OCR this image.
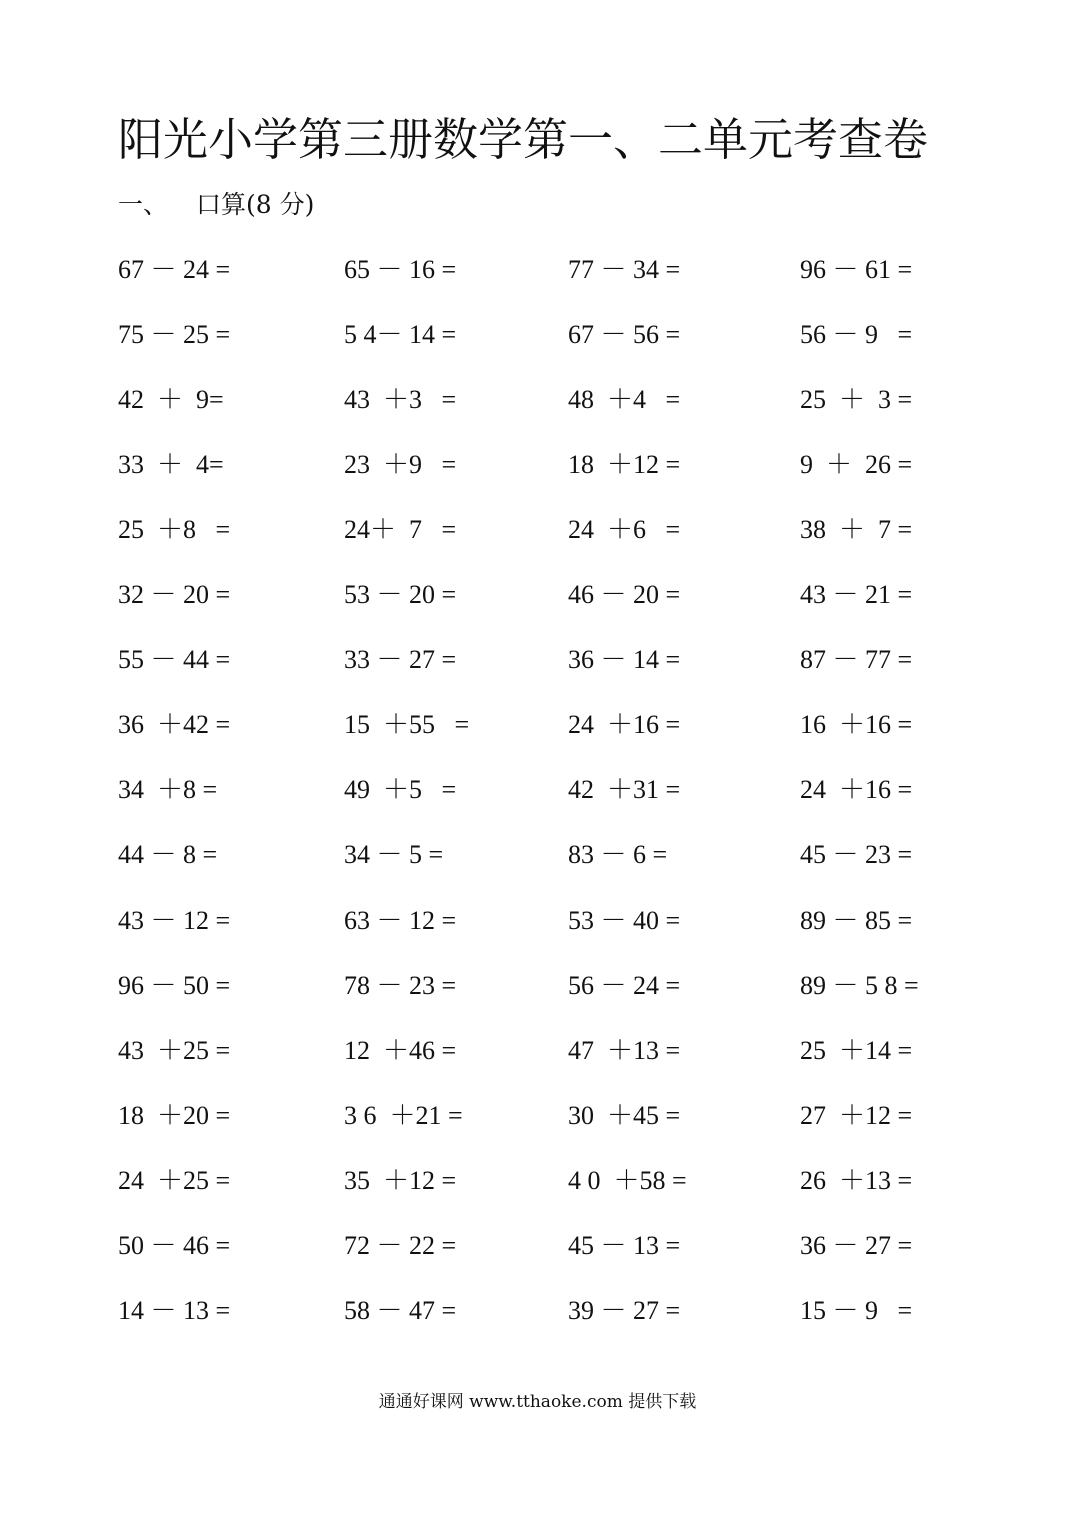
阳光小学第三册数学第一、二单元考查卷
一、 口算(8 分)
67 － 24 =	65 － 16 =	77 － 34 =	96 － 61 =
75 － 25 =	5 4－ 14 =	67 － 56 =	56 － 9   =
42  ＋  9=	43  ＋3   =	48  ＋4   =	25  ＋  3 =
33  ＋  4=	23  ＋9   =	18  ＋12 =	9  ＋  26 =
25  ＋8   =	24＋  7   =	24  ＋6   =	38  ＋  7 =
32 － 20 =	53 － 20 =	46 － 20 =	43 － 21 =
55 － 44 =	33 － 27 =	36 － 14 =	87 － 77 =
36  ＋42 =	15  ＋55   =	24  ＋16 =	16  ＋16 =
34  ＋8 =	49  ＋5   =	42  ＋31 =	24  ＋16 =
44 － 8 =	34 － 5 =	83 － 6 =	45 － 23 =
43 － 12 =	63 － 12 =	53 － 40 =	89 － 85 =
96 － 50 =	78 － 23 =	56 － 24 =	89 － 5 8 =
43  ＋25 =	12  ＋46 =	47  ＋13 =	25  ＋14 =
18  ＋20 =	3 6  ＋21 =	30  ＋45 =	27  ＋12 =
24  ＋25 =	35  ＋12 =	4 0  ＋58 =	26  ＋13 =
50 － 46 =	72 － 22 =	45 － 13 =	36 － 27 =
14 － 13 =	58 － 47 =	39 － 27 =	15 － 9   =
通通好课网 www.tthaoke.com 提供下载
